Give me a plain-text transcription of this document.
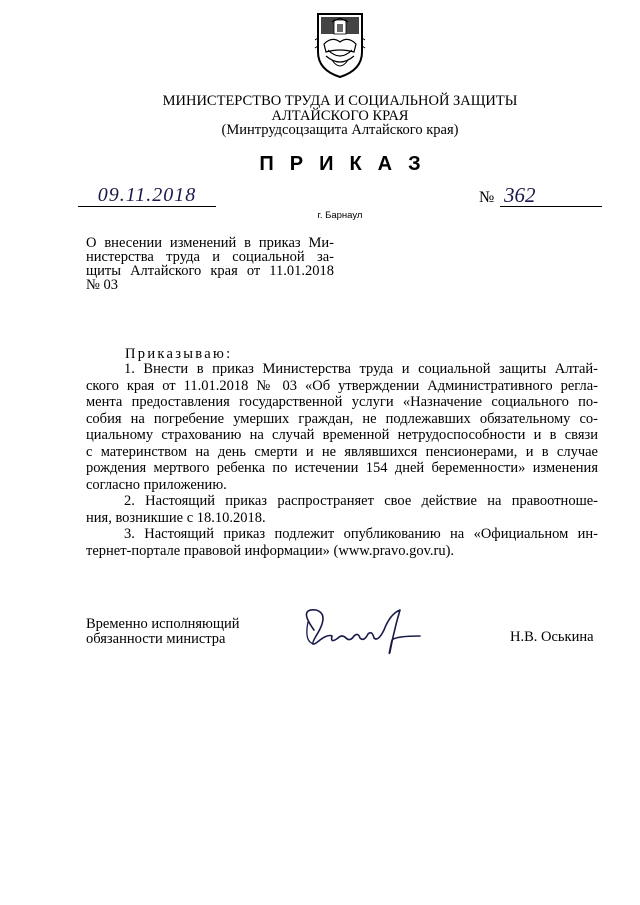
МИНИСТЕРСТВО ТРУДА И СОЦИАЛЬНОЙ ЗАЩИТЫ
АЛТАЙСКОГО КРАЯ
(Минтрудсоцзащита Алтайского края)
ПРИКАЗ
09.11.2018	№ 362
г. Барнаул
О внесении изменений в приказ Ми-
нистерства труда и социальной за-
щиты Алтайского края от 11.01.2018
№ 03
Приказываю:
1. Внести в приказ Министерства труда и социальной защиты Алтай-
ского края от 11.01.2018 № 03 «Об утверждении Административного регла-
мента предоставления государственной услуги «Назначение социального по-
собия на погребение умерших граждан, не подлежавших обязательному со-
циальному страхованию на случай временной нетрудоспособности и в связи
с материнством на день смерти и не являвшихся пенсионерами, и в случае
рождения мертвого ребенка по истечении 154 дней беременности» изменения
согласно приложению.
2. Настоящий приказ распространяет свое действие на правоотноше-
ния, возникшие с 18.10.2018.
3. Настоящий приказ подлежит опубликованию на «Официальном ин-
тернет-портале правовой информации» (www.pravo.gov.ru).
Временно исполняющий
обязанности министра	Н.В. Оськина
